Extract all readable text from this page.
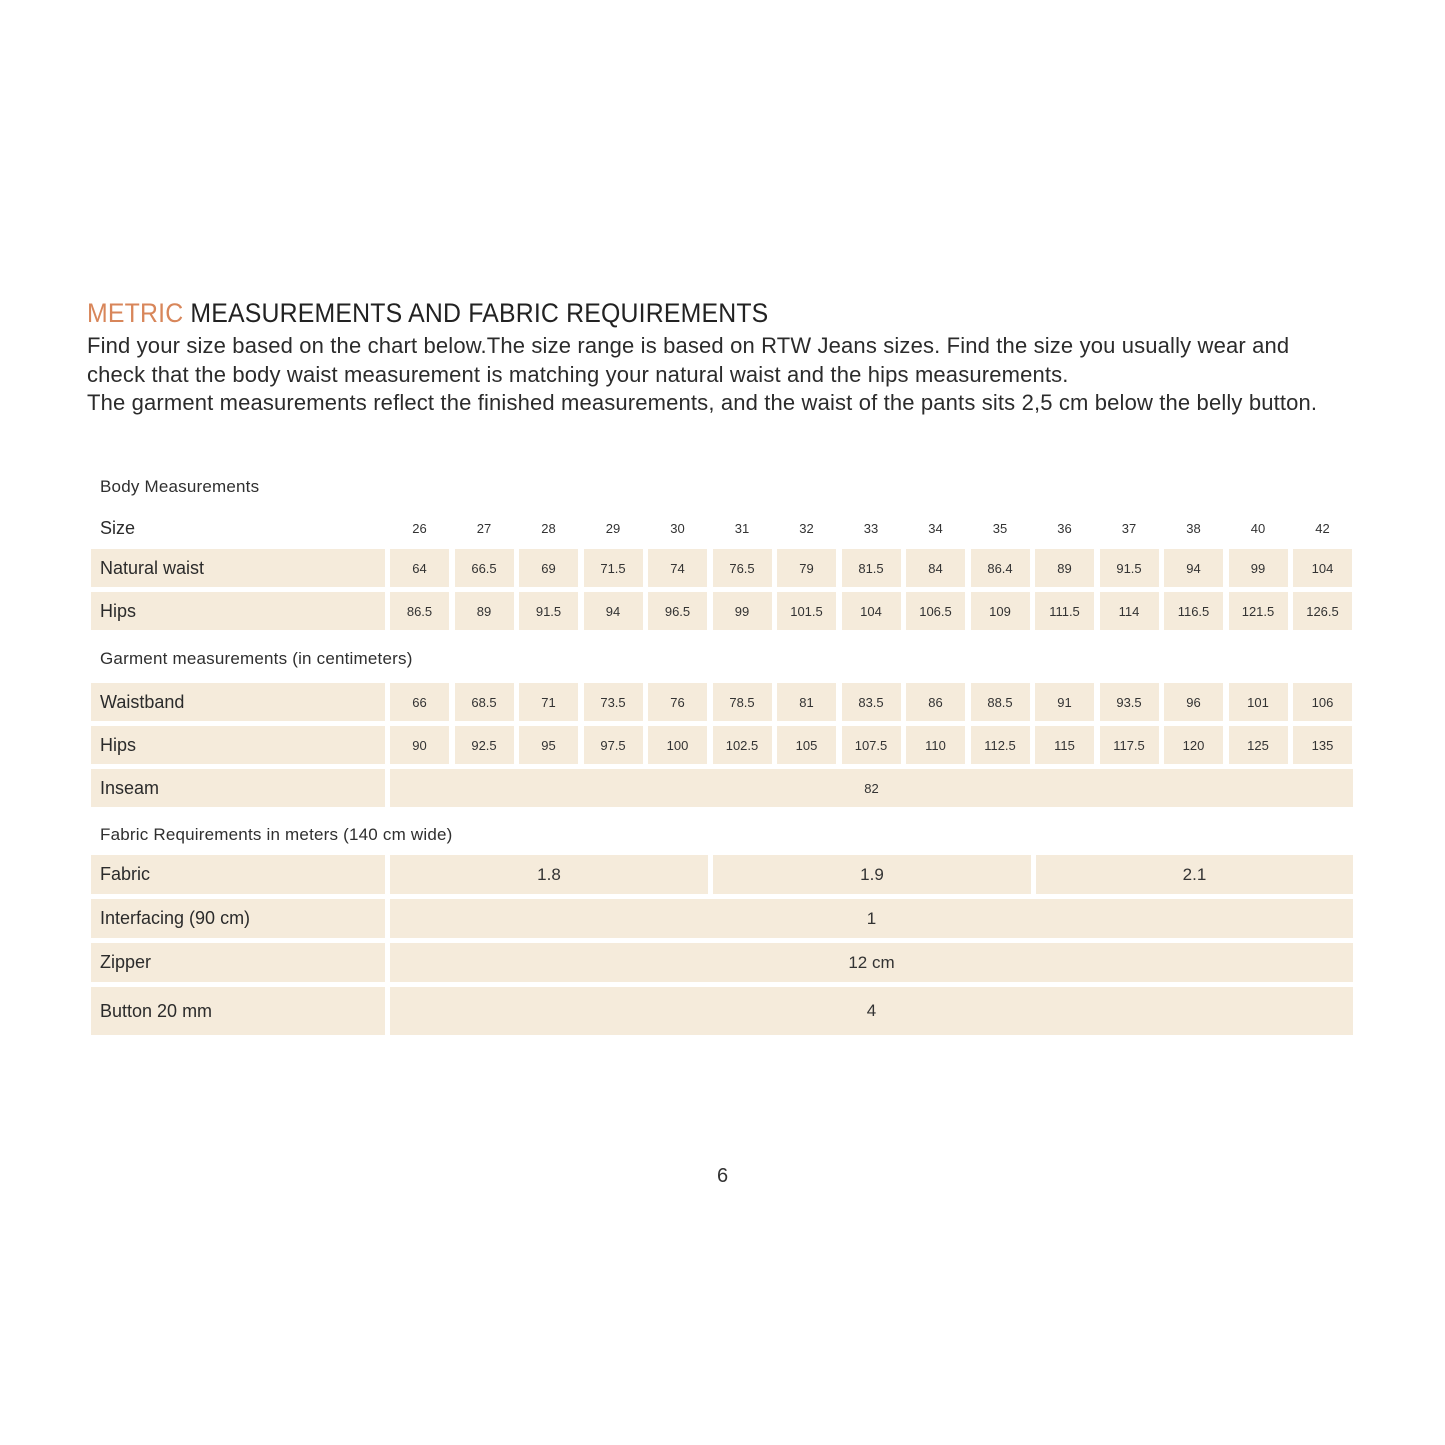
METRIC MEASUREMENTS AND FABRIC REQUIREMENTS

Find your size based on the chart below.The size range is based on RTW Jeans sizes. Find the size you usually wear and check that the body waist measurement is matching your natural waist and the hips measurements.

The garment measurements reflect the finished measurements, and the waist of the pants sits 2,5 cm below the belly button.

Body Measurements
Size	26	27	28	29	30	31	32	33	34	35	36	37	38	40	42
Natural waist	64	66.5	69	71.5	74	76.5	79	81.5	84	86.4	89	91.5	94	99	104
Hips	86.5	89	91.5	94	96.5	99	101.5	104	106.5	109	111.5	114	116.5	121.5	126.5
Garment measurements (in centimeters)
Waistband	66	68.5	71	73.5	76	78.5	81	83.5	86	88.5	91	93.5	96	101	106
Hips	90	92.5	95	97.5	100	102.5	105	107.5	110	112.5	115	117.5	120	125	135
Inseam	82
Fabric Requirements in meters (140 cm wide)
Fabric	1.8	1.9	2.1
Interfacing (90 cm)	1
Zipper	12 cm
Button 20 mm	4
6
